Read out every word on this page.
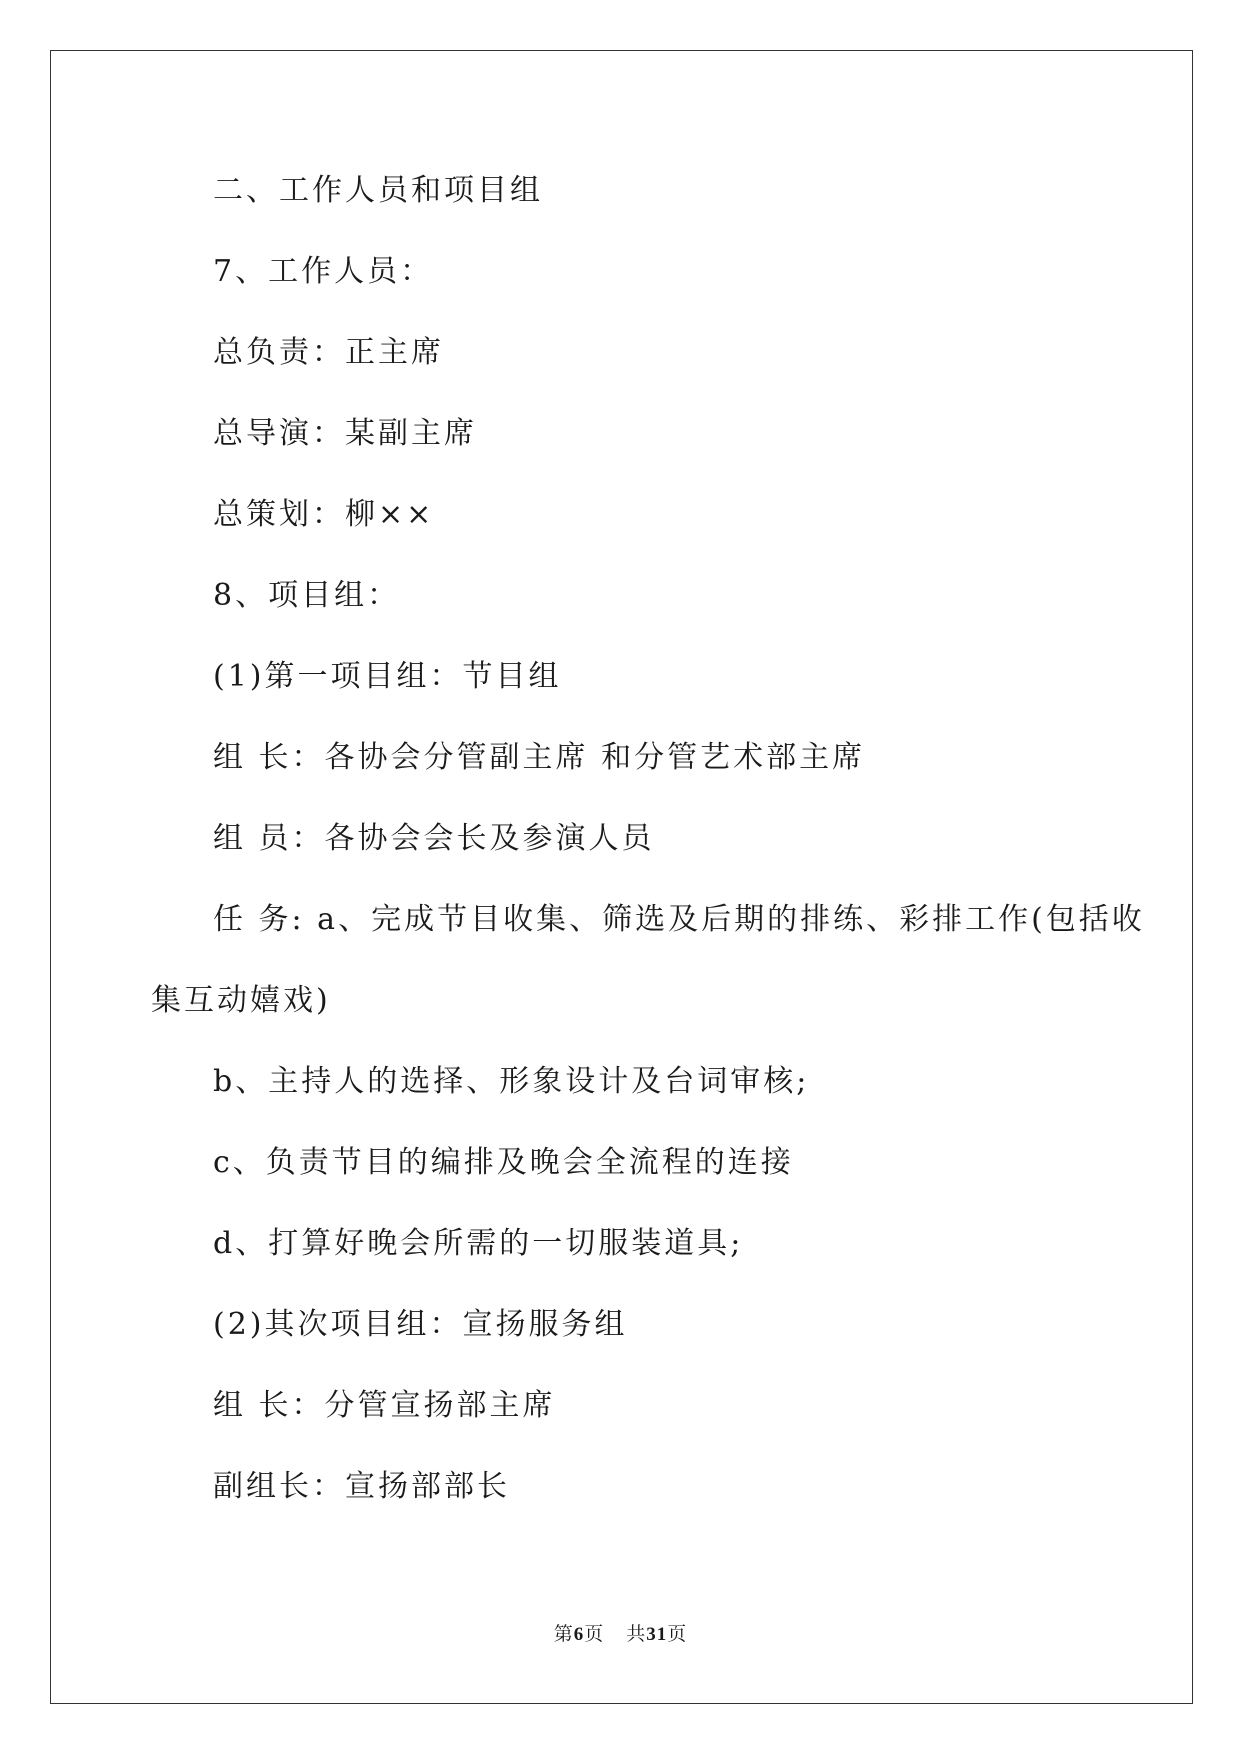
二、工作人员和项目组
7、工作人员：
总负责：正主席
总导演：某副主席
总策划：柳××
8、项目组：
(1)第一项目组：节目组
组 长：各协会分管副主席 和分管艺术部主席
组 员：各协会会长及参演人员
任 务: a、完成节目收集、筛选及后期的排练、彩排工作(包括收
集互动嬉戏)
b、主持人的选择、形象设计及台词审核;
c、负责节目的编排及晚会全流程的连接
d、打算好晚会所需的一切服装道具;
(2)其次项目组：宣扬服务组
组 长：分管宣扬部主席
副组长：宣扬部部长
第6页 共31页
